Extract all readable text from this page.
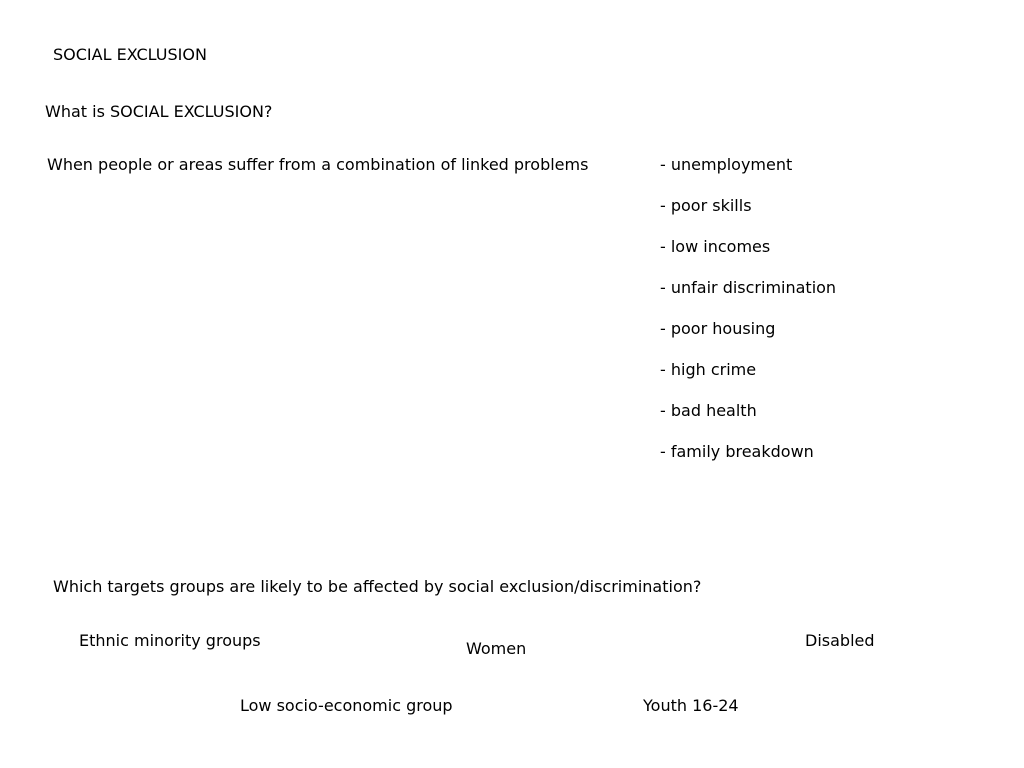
SOCIAL EXCLUSION
What is SOCIAL EXCLUSION?
When people or areas suffer from a combination of linked problems	- unemployment
- poor skills
- low incomes
- unfair discrimination
- poor housing
- high crime
- bad health
- family breakdown
Which targets groups are likely to be affected by social exclusion/discrimination?
Ethnic minority groups	Women	Disabled
Low socio-economic group	Youth 16-24
